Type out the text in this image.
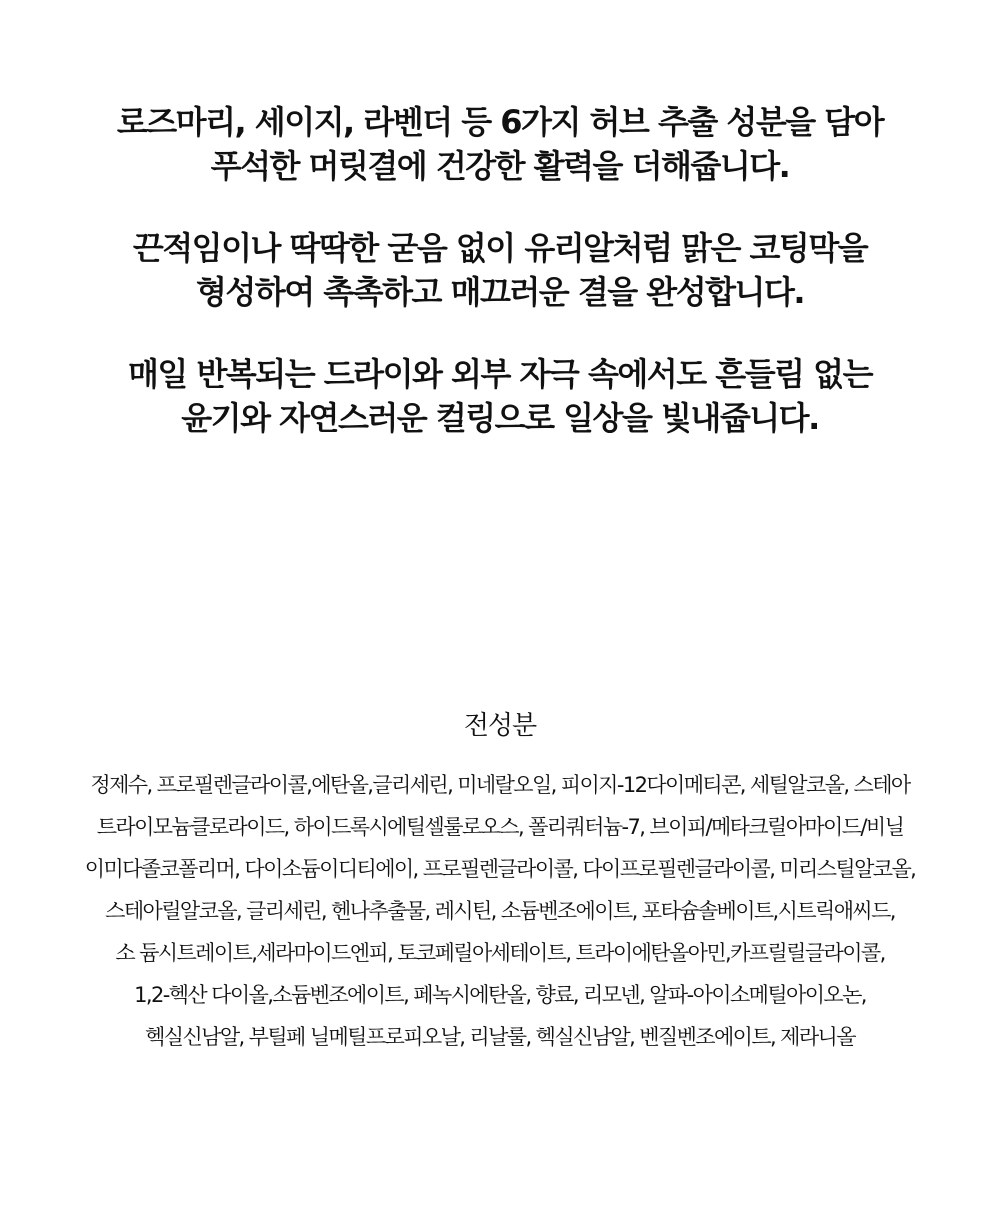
로즈마리, 세이지, 라벤더 등 6가지 허브 추출 성분을 담아
푸석한 머릿결에 건강한 활력을 더해줍니다.

끈적임이나 딱딱한 굳음 없이 유리알처럼 맑은 코팅막을
형성하여 촉촉하고 매끄러운 결을 완성합니다.

매일 반복되는 드라이와 외부 자극 속에서도 흔들림 없는
윤기와 자연스러운 컬링으로 일상을 빛내줍니다.

전성분
정제수, 프로필렌글라이콜,에탄올,글리세린, 미네랄오일, 피이지-12다이메티콘, 세틸알코올, 스테아
트라이모늄클로라이드, 하이드록시에틸셀룰로오스, 폴리쿼터늄-7, 브이피/메타크릴아마이드/비닐
이미다졸코폴리머, 다이소듐이디티에이, 프로필렌글라이콜, 다이프로필렌글라이콜, 미리스틸알코올,
스테아릴알코올, 글리세린, 헨나추출물, 레시틴, 소듐벤조에이트, 포타슘솔베이트,시트릭애씨드,
소 듐시트레이트,세라마이드엔피, 토코페릴아세테이트, 트라이에탄올아민,카프릴릴글라이콜,
1,2-헥산 다이올,소듐벤조에이트, 페녹시에탄올, 향료, 리모넨, 알파-아이소메틸아이오논,
헥실신남알, 부틸페 닐메틸프로피오날, 리날룰, 헥실신남알, 벤질벤조에이트, 제라니올
